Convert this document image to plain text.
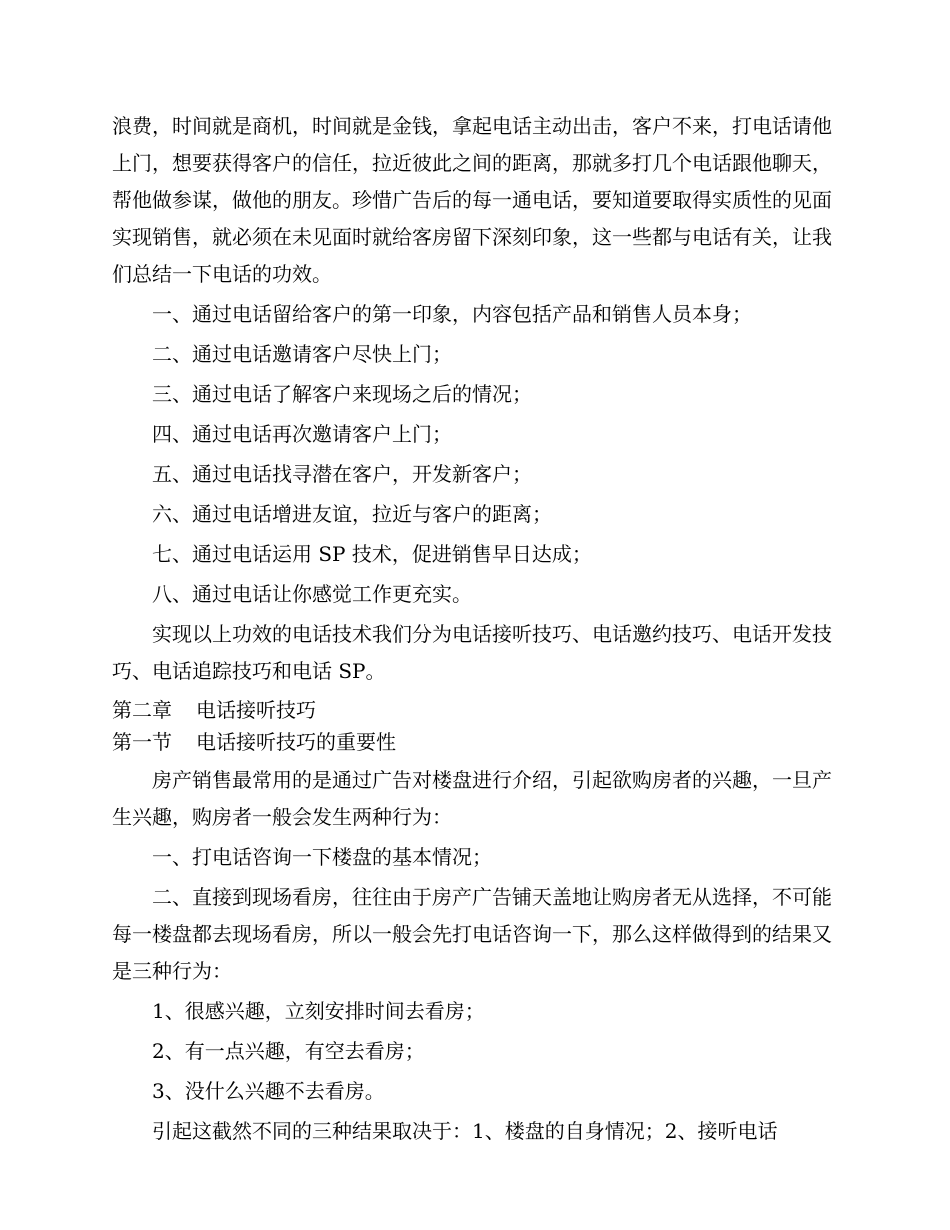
浪费，时间就是商机，时间就是金钱，拿起电话主动出击，客户不来，打电话请他上门，想要获得客户的信任，拉近彼此之间的距离，那就多打几个电话跟他聊天，帮他做参谋，做他的朋友。珍惜广告后的每一通电话，要知道要取得实质性的见面实现销售，就必须在未见面时就给客房留下深刻印象，这一些都与电话有关，让我们总结一下电话的功效。

一、通过电话留给客户的第一印象，内容包括产品和销售人员本身；

二、通过电话邀请客户尽快上门；

三、通过电话了解客户来现场之后的情况；

四、通过电话再次邀请客户上门；

五、通过电话找寻潜在客户，开发新客户；

六、通过电话增进友谊，拉近与客户的距离；

七、通过电话运用 SP 技术，促进销售早日达成；

八、通过电话让你感觉工作更充实。

实现以上功效的电话技术我们分为电话接听技巧、电话邀约技巧、电话开发技巧、电话追踪技巧和电话 SP。

第二章 电话接听技巧
第一节 电话接听技巧的重要性

房产销售最常用的是通过广告对楼盘进行介绍，引起欲购房者的兴趣，一旦产生兴趣，购房者一般会发生两种行为：

一、打电话咨询一下楼盘的基本情况；

二、直接到现场看房，往往由于房产广告铺天盖地让购房者无从选择，不可能每一楼盘都去现场看房，所以一般会先打电话咨询一下，那么这样做得到的结果又是三种行为：

1、很感兴趣，立刻安排时间去看房；

2、有一点兴趣，有空去看房；

3、没什么兴趣不去看房。

引起这截然不同的三种结果取决于：1、楼盘的自身情况；2、接听电话
